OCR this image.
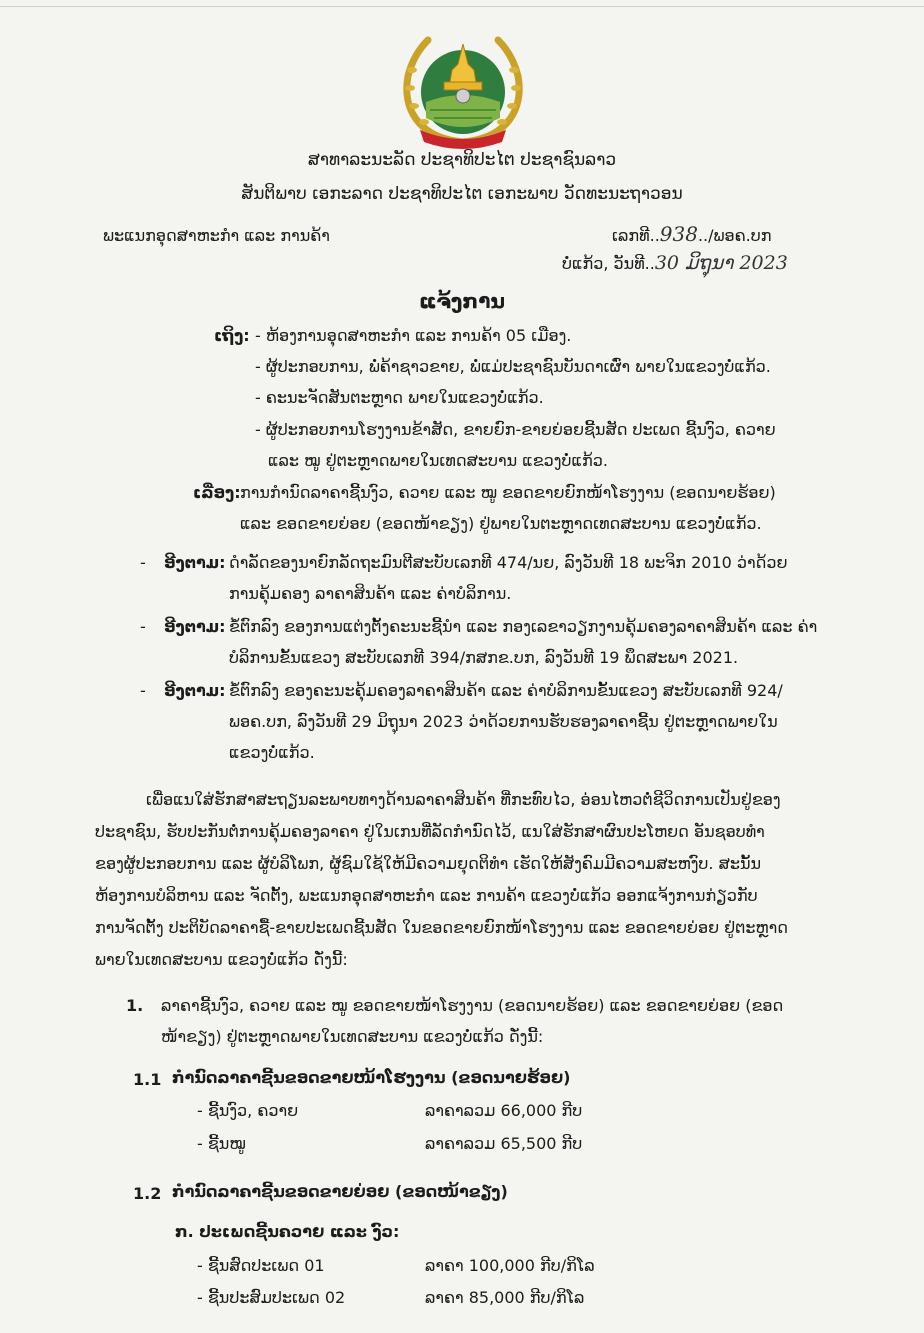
ສາທາລະນະລັດ ປະຊາທິປະໄຕ ປະຊາຊົນລາວ
ສັນຕິພາບ ເອກະລາດ ປະຊາທິປະໄຕ ເອກະພາບ ວັດທະນະຖາວອນ
ພະແນກອຸດສາຫະກຳ ແລະ ການຄ້າ	ເລກທີ..938../ພອຄ.ບກ
ບໍ່ແກ້ວ, ວັນທີ..30 ມິຖຸນາ 2023
ແຈ້ງການ
ເຖິງ: - ຫ້ອງການອຸດສາຫະກຳ ແລະ ການຄ້າ 05 ເມືອງ.
- ຜູ້ປະກອບການ, ພໍ່ຄ້າຊາວຂາຍ, ພໍ່ແມ່ປະຊາຊົນບັນດາເຜົ່າ ພາຍໃນແຂວງບໍ່ແກ້ວ.
- ຄະນະຈັດສັນຕະຫຼາດ ພາຍໃນແຂວງບໍ່ແກ້ວ.
- ຜູ້ປະກອບການໂຮງງານຂ້າສັດ, ຂາຍຍົກ-ຂາຍຍ່ອຍຊີ້ນສັດ ປະເພດ ຊີ້ນງົວ, ຄວາຍ
ແລະ ໝູ ຢູ່ຕະຫຼາດພາຍໃນເທດສະບານ ແຂວງບໍ່ແກ້ວ.
ເລື່ອງ: ການກຳນົດລາຄາຊີ້ນງົວ, ຄວາຍ ແລະ ໝູ ຂອດຂາຍຍົກໜ້າໂຮງງານ (ຂອດນາຍຮ້ອຍ)
ແລະ ຂອດຂາຍຍ່ອຍ (ຂອດໜ້າຂຽງ) ຢູ່ພາຍໃນຕະຫຼາດເທດສະບານ ແຂວງບໍ່ແກ້ວ.
- ອີງຕາມ: ດຳລັດຂອງນາຍົກລັດຖະມົນຕີສະບັບເລກທີ 474/ນຍ, ລົງວັນທີ 18 ພະຈິກ 2010 ວ່າດ້ວຍ
ການຄຸ້ມຄອງ ລາຄາສິນຄ້າ ແລະ ຄ່າບໍລິການ.
- ອີງຕາມ: ຂໍ້ຕົກລົງ ຂອງການແຕ່ງຕັ້ງຄະນະຊີ້ນຳ ແລະ ກອງເລຂາວຽກງານຄຸ້ມຄອງລາຄາສິນຄ້າ ແລະ ຄ່າ
ບໍລິການຂັ້ນແຂວງ ສະບັບເລກທີ 394/ກສກຂ.ບກ, ລົງວັນທີ 19 ພຶດສະພາ 2021.
- ອີງຕາມ: ຂໍ້ຕົກລົງ ຂອງຄະນະຄຸ້ມຄອງລາຄາສິນຄ້າ ແລະ ຄ່າບໍລິການຂັ້ນແຂວງ ສະບັບເລກທີ 924/
ພອຄ.ບກ, ລົງວັນທີ 29 ມິຖຸນາ 2023 ວ່າດ້ວຍການຮັບຮອງລາຄາຊີ້ນ ຢູ່ຕະຫຼາດພາຍໃນ
ແຂວງບໍ່ແກ້ວ.
ເພື່ອແນໃສ່ຮັກສາສະຖຽນລະພາບທາງດ້ານລາຄາສິນຄ້າ ທີ່ກະທົບໄວ, ອ່ອນໄຫວຕໍ່ຊີວິດການເປັນຢູ່ຂອງ
ປະຊາຊົນ, ຮັບປະກັນຕໍ່ການຄຸ້ມຄອງລາຄາ ຢູ່ໃນເກນທີ່ລັດກຳນົດໄວ້, ແນໃສ່ຮັກສາຜົນປະໂຫຍດ ອັນຊອບທຳ
ຂອງຜູ້ປະກອບການ ແລະ ຜູ້ບໍລິໂພກ, ຜູ້ຊົມໃຊ້ໃຫ້ມີຄວາມຍຸດຕິທຳ ເຮັດໃຫ້ສັງຄົມມີຄວາມສະຫງົບ. ສະນັ້ນ
ຫ້ອງການບໍລິຫານ ແລະ ຈັດຕັ້ງ, ພະແນກອຸດສາຫະກຳ ແລະ ການຄ້າ ແຂວງບໍ່ແກ້ວ ອອກແຈ້ງການກ່ຽວກັບ
ການຈັດຕັ້ງ ປະຕິບັດລາຄາຊື້-ຂາຍປະເພດຊີ້ນສັດ ໃນຂອດຂາຍຍົກໜ້າໂຮງງານ ແລະ ຂອດຂາຍຍ່ອຍ ຢູ່ຕະຫຼາດ
ພາຍໃນເທດສະບານ ແຂວງບໍ່ແກ້ວ ດັ່ງນີ້:
1. ລາຄາຊີ້ນງົວ, ຄວາຍ ແລະ ໝູ ຂອດຂາຍໜ້າໂຮງງານ (ຂອດນາຍຮ້ອຍ) ແລະ ຂອດຂາຍຍ່ອຍ (ຂອດ
ໜ້າຂຽງ) ຢູ່ຕະຫຼາດພາຍໃນເທດສະບານ ແຂວງບໍ່ແກ້ວ ດັ່ງນີ້:
1.1 ກຳນົດລາຄາຊີ້ນຂອດຂາຍໜ້າໂຮງງານ (ຂອດນາຍຮ້ອຍ)
- ຊີ້ນງົວ, ຄວາຍ	ລາຄາລວມ 66,000 ກີບ
- ຊີ້ນໝູ	ລາຄາລວມ 65,500 ກີບ
1.2 ກຳນົດລາຄາຊີ້ນຂອດຂາຍຍ່ອຍ (ຂອດໜ້າຂຽງ)
ກ. ປະເພດຊີ້ນຄວາຍ ແລະ ງົວ:
- ຊີ້ນສົດປະເພດ 01	ລາຄາ 100,000 ກີບ/ກິໂລ
- ຊີ້ນປະສົມປະເພດ 02	ລາຄາ 85,000 ກີບ/ກິໂລ
